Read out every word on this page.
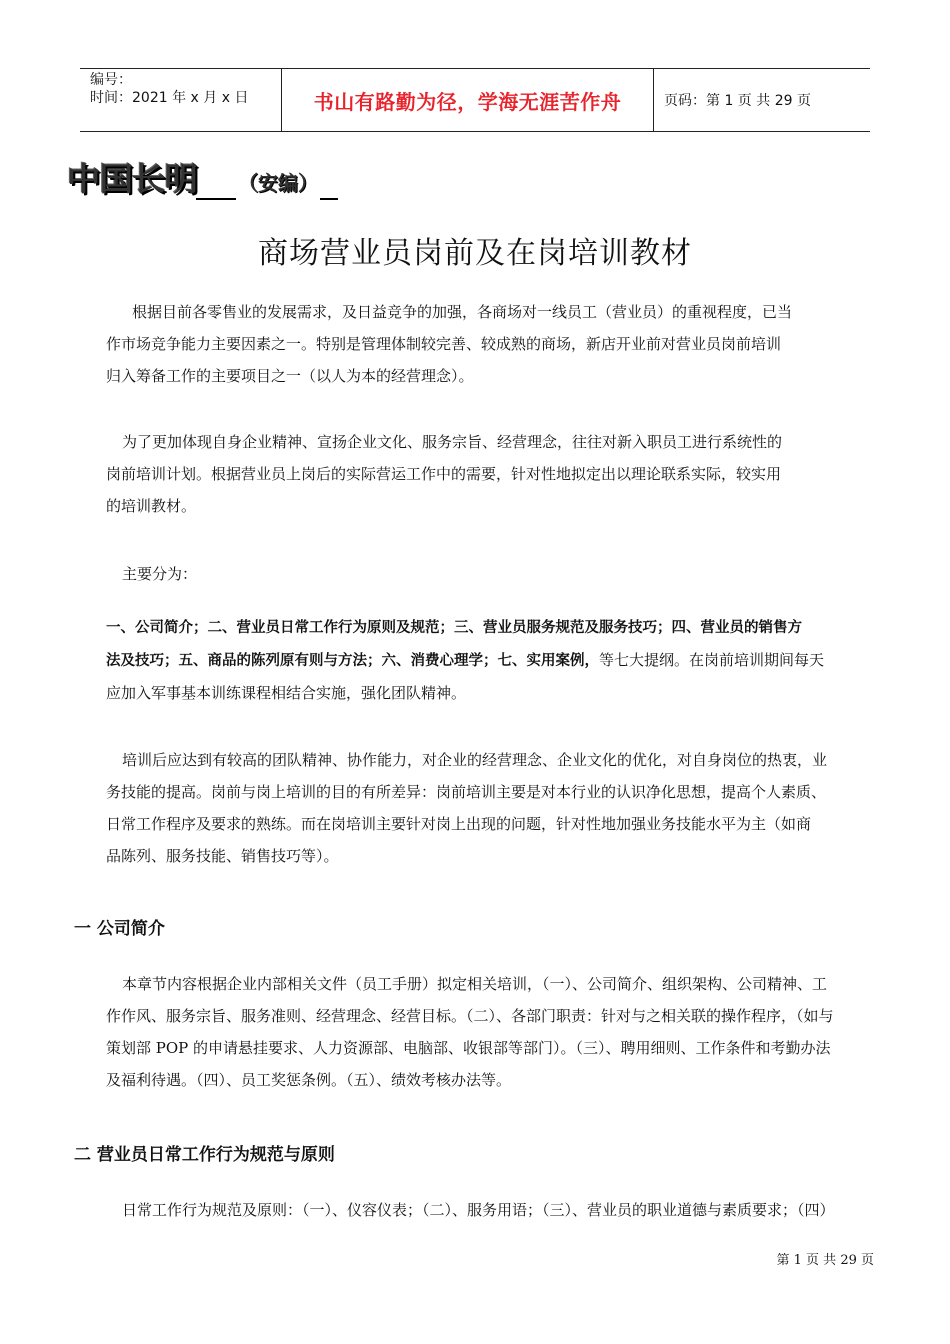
编号：
时间：2021 年 x 月 x 日	书山有路勤为径，学海无涯苦作舟	页码：第 1 页 共 29 页
中国长明 （安编）
商场营业员岗前及在岗培训教材
根据目前各零售业的发展需求，及日益竞争的加强，各商场对一线员工（营业员）的重视程度，已当
作市场竞争能力主要因素之一。特别是管理体制较完善、较成熟的商场，新店开业前对营业员岗前培训
归入筹备工作的主要项目之一（以人为本的经营理念）。
为了更加体现自身企业精神、宣扬企业文化、服务宗旨、经营理念，往往对新入职员工进行系统性的
岗前培训计划。根据营业员上岗后的实际营运工作中的需要，针对性地拟定出以理论联系实际，较实用
的培训教材。
主要分为：
一、公司简介；二、营业员日常工作行为原则及规范；三、营业员服务规范及服务技巧；四、营业员的销售方
法及技巧；五、商品的陈列原有则与方法；六、消费心理学；七、实用案例，等七大提纲。在岗前培训期间每天
应加入军事基本训练课程相结合实施，强化团队精神。
培训后应达到有较高的团队精神、协作能力，对企业的经营理念、企业文化的优化，对自身岗位的热衷，业
务技能的提高。岗前与岗上培训的目的有所差异：岗前培训主要是对本行业的认识净化思想，提高个人素质、
日常工作程序及要求的熟练。而在岗培训主要针对岗上出现的问题，针对性地加强业务技能水平为主（如商
品陈列、服务技能、销售技巧等）。
一 公司简介
本章节内容根据企业内部相关文件（员工手册）拟定相关培训，（一）、公司简介、组织架构、公司精神、工
作作风、服务宗旨、服务准则、经营理念、经营目标。（二）、各部门职责：针对与之相关联的操作程序，（如与
策划部 POP 的申请悬挂要求、人力资源部、电脑部、收银部等部门）。（三）、聘用细则、工作条件和考勤办法
及福利待遇。（四）、员工奖惩条例。（五）、绩效考核办法等。
二 营业员日常工作行为规范与原则
日常工作行为规范及原则：（一）、仪容仪表；（二）、服务用语；（三）、营业员的职业道德与素质要求；（四）
第 1 页 共 29 页
